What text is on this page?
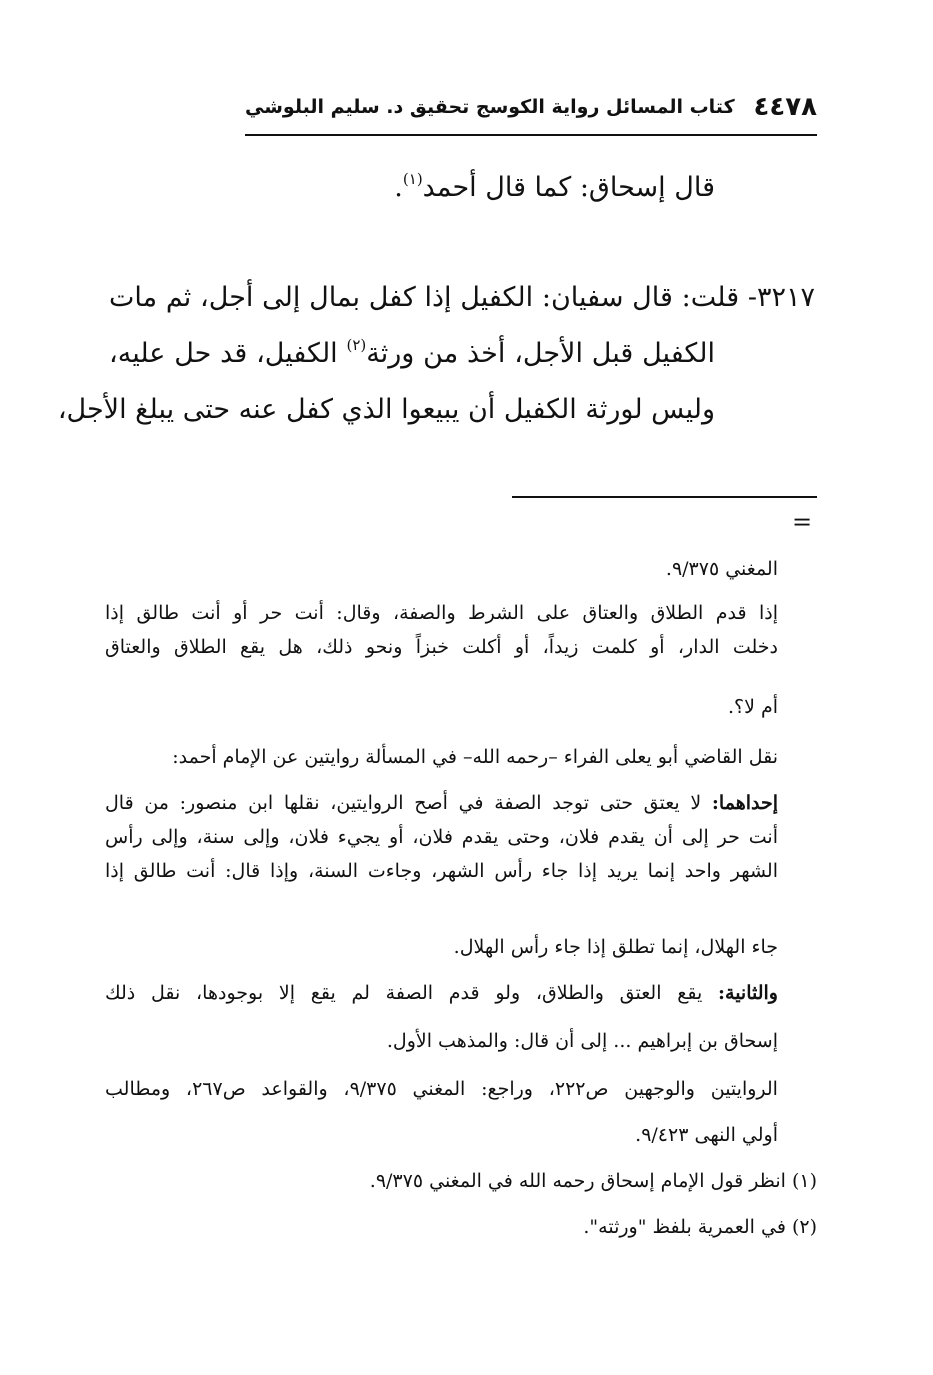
٤٤٧٨
كتاب المسائل رواية الكوسج تحقيق د. سليم البلوشي
قال إسحاق: كما قال أحمد$^{(١)}$.
٣٢١٧- قلت: قال سفيان: الكفيل إذا كفل بمال إلى أجل، ثم مات
الكفيل قبل الأجل، أخذ من ورثة$^{(٢)}$ الكفيل، قد حل عليه،
وليس لورثة الكفيل أن يبيعوا الذي كفل عنه حتى يبلغ الأجل،
=
المغني ٩/٣٧٥.
إذا قدم الطلاق والعتاق على الشرط والصفة، وقال: أنت حر أو أنت طالق إذا
دخلت الدار، أو كلمت زيداً، أو أكلت خبزاً ونحو ذلك، هل يقع الطلاق والعتاق
أم لا؟.
نقل القاضي أبو يعلى الفراء –رحمه الله– في المسألة روايتين عن الإمام أحمد:
إحداهما: لا يعتق حتى توجد الصفة في أصح الروايتين، نقلها ابن منصور: من قال
أنت حر إلى أن يقدم فلان، وحتى يقدم فلان، أو يجيء فلان، وإلى سنة، وإلى رأس
الشهر واحد إنما يريد إذا جاء رأس الشهر، وجاءت السنة، وإذا قال: أنت طالق إذا
جاء الهلال، إنما تطلق إذا جاء رأس الهلال.
والثانية: يقع العتق والطلاق، ولو قدم الصفة لم يقع إلا بوجودها، نقل ذلك
إسحاق بن إبراهيم ... إلى أن قال: والمذهب الأول.
الروايتين والوجهين ص٢٢٢، وراجع: المغني ٩/٣٧٥، والقواعد ص٢٦٧، ومطالب
أولي النهى ٩/٤٢٣.
(١) انظر قول الإمام إسحاق رحمه الله في المغني ٩/٣٧٥.
(٢) في العمرية بلفظ "ورثته".
